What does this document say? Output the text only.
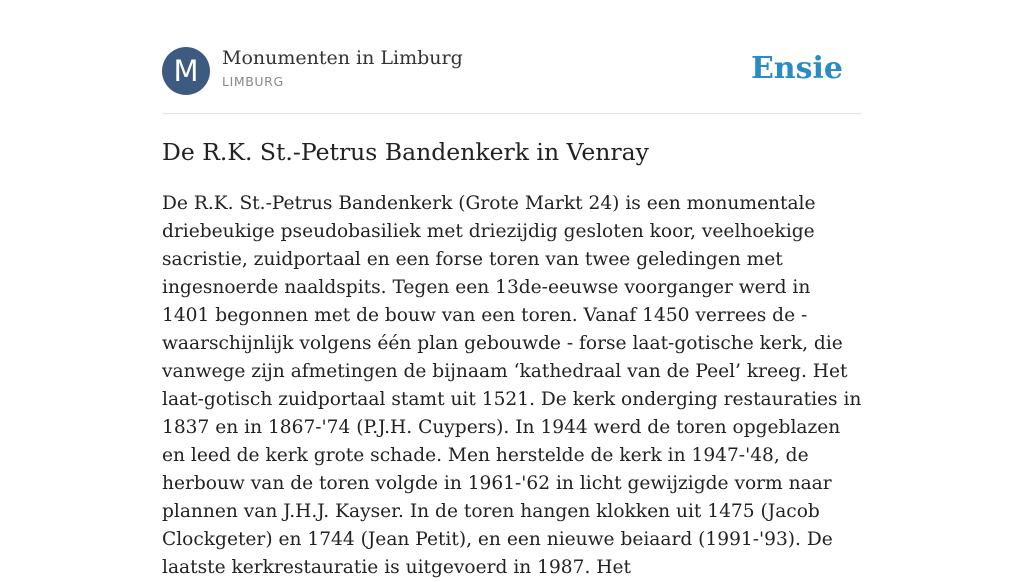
M	Monumenten in Limburg
LIMBURG	Ensie
De R.K. St.-Petrus Bandenkerk in Venray

De R.K. St.-Petrus Bandenkerk (Grote Markt 24) is een monumentale driebeukige pseudobasiliek met driezijdig gesloten koor, veelhoekige sacristie, zuidportaal en een forse toren van twee geledingen met ingesnoerde naaldspits. Tegen een 13de-eeuwse voorganger werd in 1401 begonnen met de bouw van een toren. Vanaf 1450 verrees de - waarschijnlijk volgens één plan gebouwde - forse laat-gotische kerk, die vanwege zijn afmetingen de bijnaam ‘kathedraal van de Peel’ kreeg. Het laat-gotisch zuidportaal stamt uit 1521. De kerk onderging restauraties in 1837 en in 1867-'74 (P.J.H. Cuypers). In 1944 werd de toren opgeblazen en leed de kerk grote schade. Men herstelde de kerk in 1947-'48, de herbouw van de toren volgde in 1961-'62 in licht gewijzigde vorm naar plannen van J.H.J. Kayser. In de toren hangen klokken uit 1475 (Jacob Clockgeter) en 1744 (Jean Petit), en een nieuwe beiaard (1991-'93). De laatste kerkrestauratie is uitgevoerd in 1987. Het
